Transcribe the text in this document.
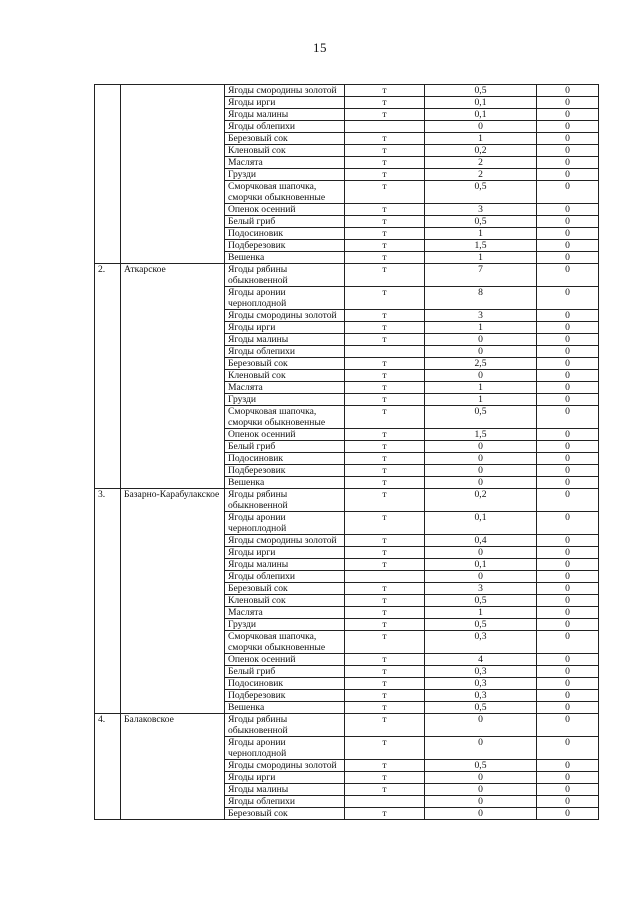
15
		Ягоды смородины золотой	т	0,5	0
		Ягоды ирги	т	0,1	0
		Ягоды малины	т	0,1	0
		Ягоды облепихи		0	0
		Березовый сок	т	1	0
		Кленовый сок	т	0,2	0
		Маслята	т	2	0
		Грузди	т	2	0
		Сморчковая шапочка, сморчки обыкновенные	т	0,5	0
		Опенок осенний	т	3	0
		Белый гриб	т	0,5	0
		Подосиновик	т	1	0
		Подберезовик	т	1,5	0
		Вешенка	т	1	0
2.	Аткарское	Ягоды рябины обыкновенной	т	7	0
		Ягоды аронии черноплодной	т	8	0
		Ягоды смородины золотой	т	3	0
		Ягоды ирги	т	1	0
		Ягоды малины	т	0	0
		Ягоды облепихи		0	0
		Березовый сок	т	2,5	0
		Кленовый сок	т	0	0
		Маслята	т	1	0
		Грузди	т	1	0
		Сморчковая шапочка, сморчки обыкновенные	т	0,5	0
		Опенок осенний	т	1,5	0
		Белый гриб	т	0	0
		Подосиновик	т	0	0
		Подберезовик	т	0	0
		Вешенка	т	0	0
3.	Базарно-Карабулакское	Ягоды рябины обыкновенной	т	0,2	0
		Ягоды аронии черноплодной	т	0,1	0
		Ягоды смородины золотой	т	0,4	0
		Ягоды ирги	т	0	0
		Ягоды малины	т	0,1	0
		Ягоды облепихи		0	0
		Березовый сок	т	3	0
		Кленовый сок	т	0,5	0
		Маслята	т	1	0
		Грузди	т	0,5	0
		Сморчковая шапочка, сморчки обыкновенные	т	0,3	0
		Опенок осенний	т	4	0
		Белый гриб	т	0,3	0
		Подосиновик	т	0,3	0
		Подберезовик	т	0,3	0
		Вешенка	т	0,5	0
4.	Балаковское	Ягоды рябины обыкновенной	т	0	0
		Ягоды аронии черноплодной	т	0	0
		Ягоды смородины золотой	т	0,5	0
		Ягоды ирги	т	0	0
		Ягоды малины	т	0	0
		Ягоды облепихи		0	0
		Березовый сок	т	0	0
